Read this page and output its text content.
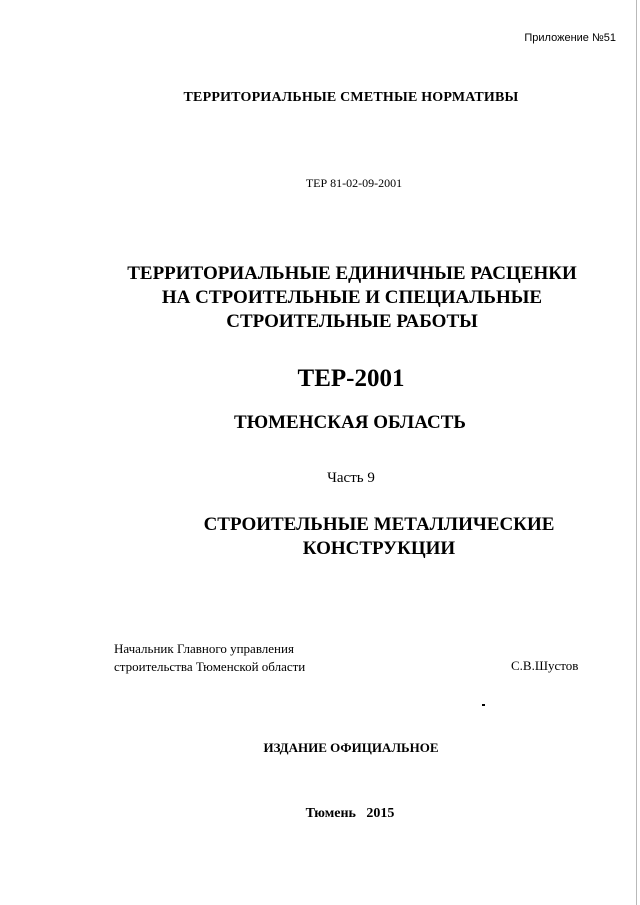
Приложение №51
ТЕРРИТОРИАЛЬНЫЕ СМЕТНЫЕ НОРМАТИВЫ
ТЕР 81-02-09-2001
ТЕРРИТОРИАЛЬНЫЕ ЕДИНИЧНЫЕ РАСЦЕНКИ
НА СТРОИТЕЛЬНЫЕ И СПЕЦИАЛЬНЫЕ
СТРОИТЕЛЬНЫЕ РАБОТЫ
ТЕР-2001
ТЮМЕНСКАЯ ОБЛАСТЬ
Часть 9
СТРОИТЕЛЬНЫЕ МЕТАЛЛИЧЕСКИЕ
КОНСТРУКЦИИ
Начальник Главного управления
строительства Тюменской области	С.В.Шустов
ИЗДАНИЕ ОФИЦИАЛЬНОЕ
Тюмень   2015
